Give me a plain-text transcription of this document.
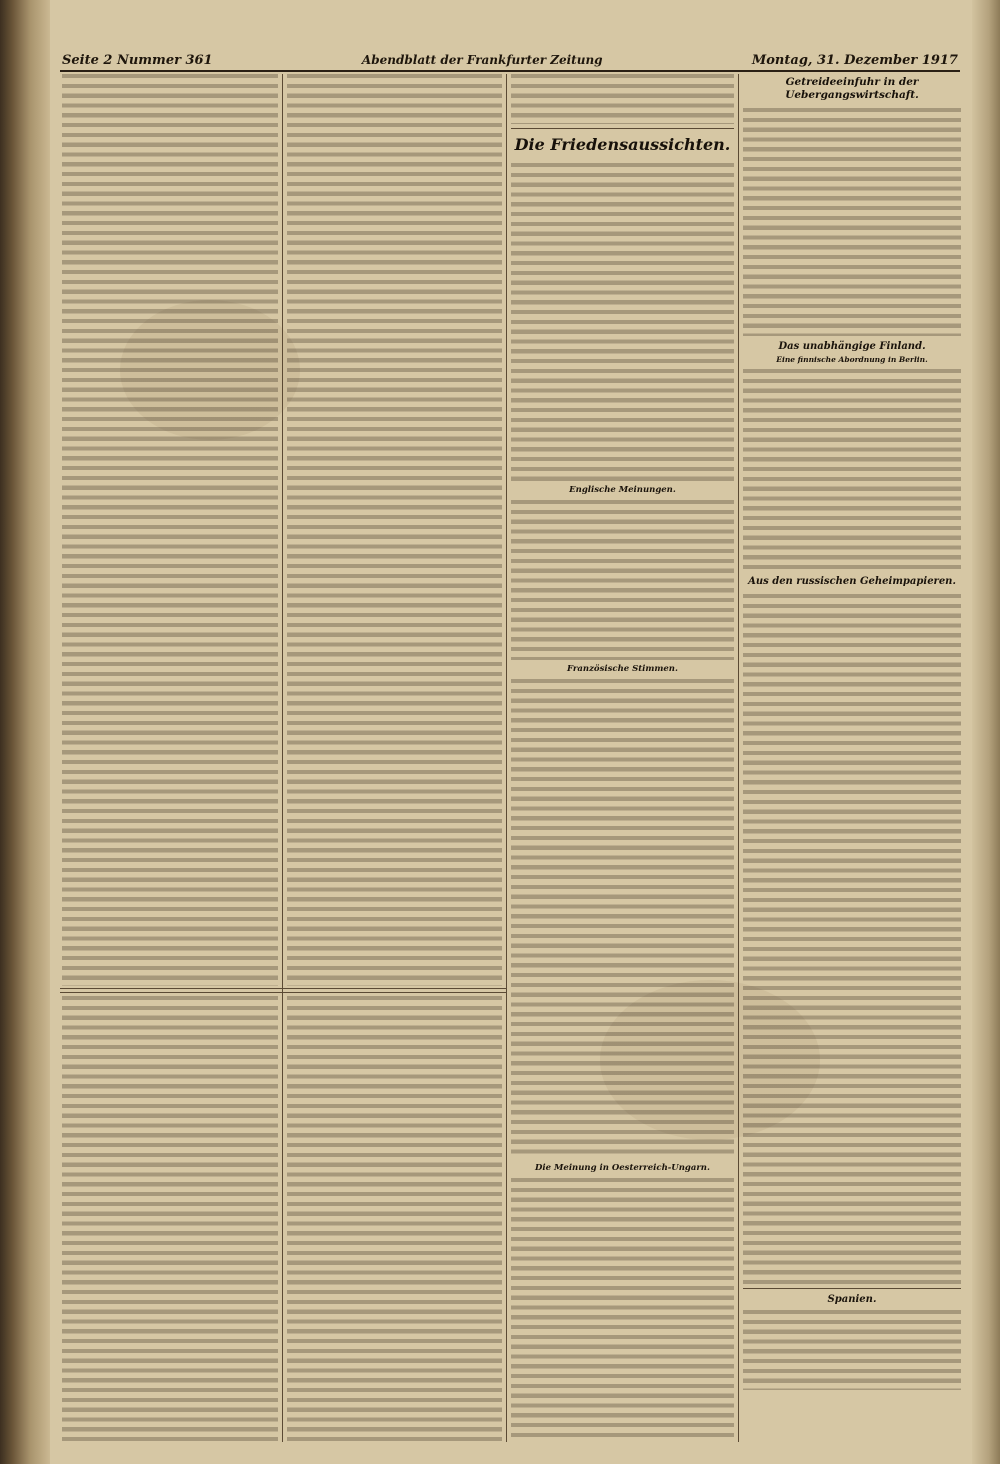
Seite 2 Nummer 361	Abendblatt der Frankfurter Zeitung	Montag, 31. Dezember 1917
Die Friedensaussichten.
Englische Meinungen.
Französische Stimmen.
Die Meinung in Oesterreich-Ungarn.
Getreideeinfuhr in der Uebergangswirtschaft.
Das unabhängige Finland.
Eine finnische Abordnung in Berlin.
Aus den russischen Geheimpapieren.
Spanien.
